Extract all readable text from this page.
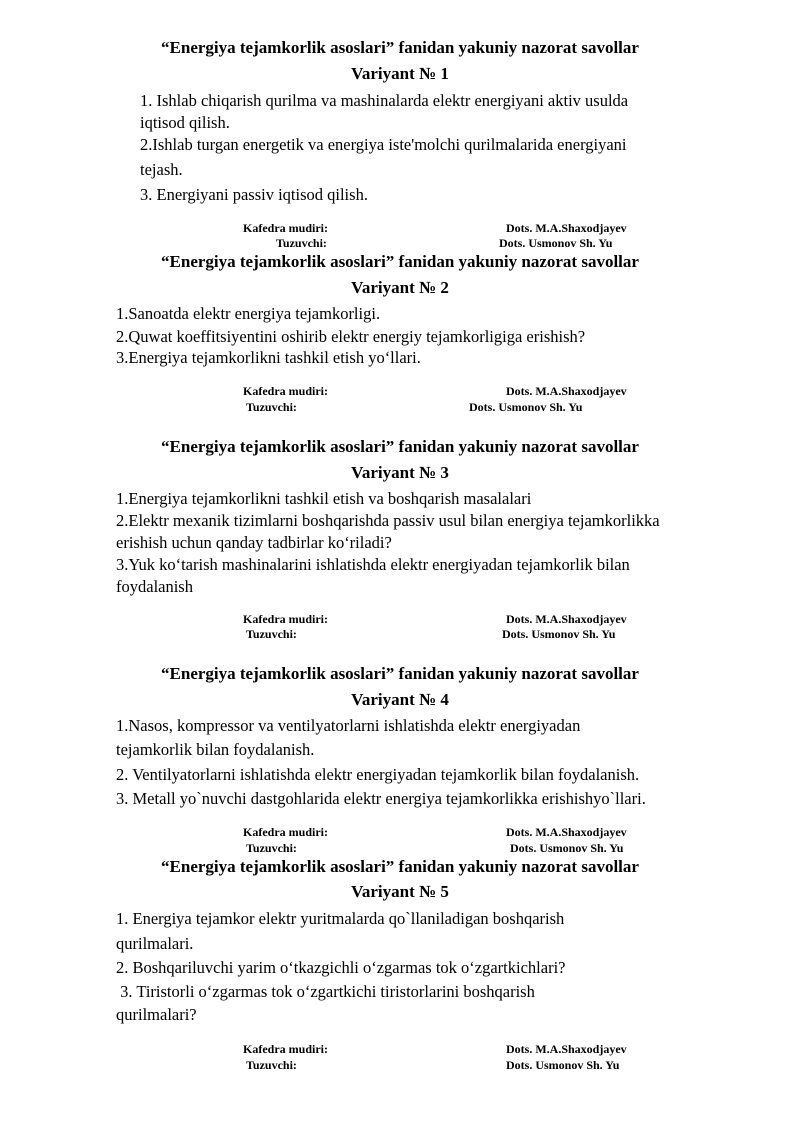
“Energiya tejamkorlik asoslari” fanidan yakuniy nazorat savollar
Variyant № 1
1. Ishlab chiqarish qurilma va mashinalarda elektr energiyani aktiv usulda
iqtisod qilish.
2.Ishlab turgan energetik va energiya iste'molchi qurilmalarida energiyani
tejash.
3. Energiyani passiv iqtisod qilish.
Kafedra mudiri:	Dots. M.A.Shaxodjayev
Tuzuvchi:	Dots. Usmonov Sh. Yu
“Energiya tejamkorlik asoslari” fanidan yakuniy nazorat savollar
Variyant № 2
1.Sanoatda elektr energiya tejamkorligi.
2.Quwat koeffitsiyentini oshirib elektr energiy tejamkorligiga erishish?
3.Energiya tejamkorlikni tashkil etish yo‘llari.
Kafedra mudiri:	Dots. M.A.Shaxodjayev
Tuzuvchi:	Dots. Usmonov Sh. Yu
“Energiya tejamkorlik asoslari” fanidan yakuniy nazorat savollar
Variyant № 3
1.Energiya tejamkorlikni tashkil etish va boshqarish masalalari
2.Elektr mexanik tizimlarni boshqarishda passiv usul bilan energiya tejamkorlikka
erishish uchun qanday tadbirlar ko‘riladi?
3.Yuk ko‘tarish mashinalarini ishlatishda elektr energiyadan tejamkorlik bilan
foydalanish
Kafedra mudiri:	Dots. M.A.Shaxodjayev
Tuzuvchi:	Dots. Usmonov Sh. Yu
“Energiya tejamkorlik asoslari” fanidan yakuniy nazorat savollar
Variyant № 4
1.Nasos, kompressor va ventilyatorlarni ishlatishda elektr energiyadan
tejamkorlik bilan foydalanish.
2. Ventilyatorlarni ishlatishda elektr energiyadan tejamkorlik bilan foydalanish.
3. Metall yo`nuvchi dastgohlarida elektr energiya tejamkorlikka erishishyo`llari.
Kafedra mudiri:	Dots. M.A.Shaxodjayev
Tuzuvchi:	Dots. Usmonov Sh. Yu
“Energiya tejamkorlik asoslari” fanidan yakuniy nazorat savollar
Variyant № 5
1. Energiya tejamkor elektr yuritmalarda qo`llaniladigan boshqarish
qurilmalari.
2. Boshqariluvchi yarim o‘tkazgichli o‘zgarmas tok o‘zgartkichlari?
3. Tiristorli o‘zgarmas tok o‘zgartkichi tiristorlarini boshqarish
qurilmalari?
Kafedra mudiri:	Dots. M.A.Shaxodjayev
Tuzuvchi:	Dots. Usmonov Sh. Yu
